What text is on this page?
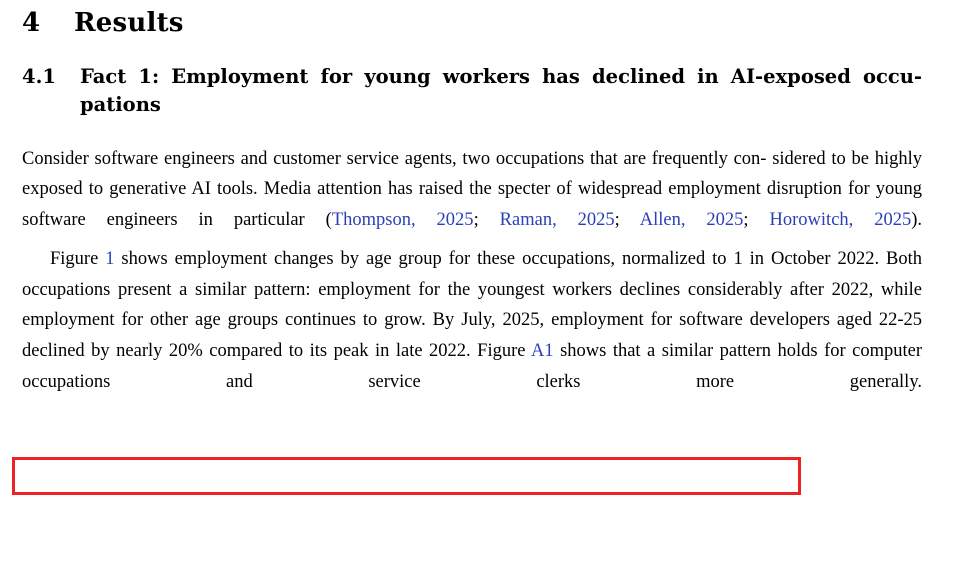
4 Results
4.1 Fact 1: Employment for young workers has declined in AI-exposed occu-
pations

Consider software engineers and customer service agents, two occupations that are frequently con- sidered to be highly exposed to generative AI tools. Media attention has raised the specter of widespread employment disruption for young software engineers in particular (Thompson, 2025; Raman, 2025; Allen, 2025; Horowitch, 2025).

Figure 1 shows employment changes by age group for these occupations, normalized to 1 in October 2022. Both occupations present a similar pattern: employment for the youngest workers declines considerably after 2022, while employment for other age groups continues to grow. By July, 2025, employment for software developers aged 22-25 declined by nearly 20% compared to its peak in late 2022. Figure A1 shows that a similar pattern holds for computer occupations and	service clerks more generally.
